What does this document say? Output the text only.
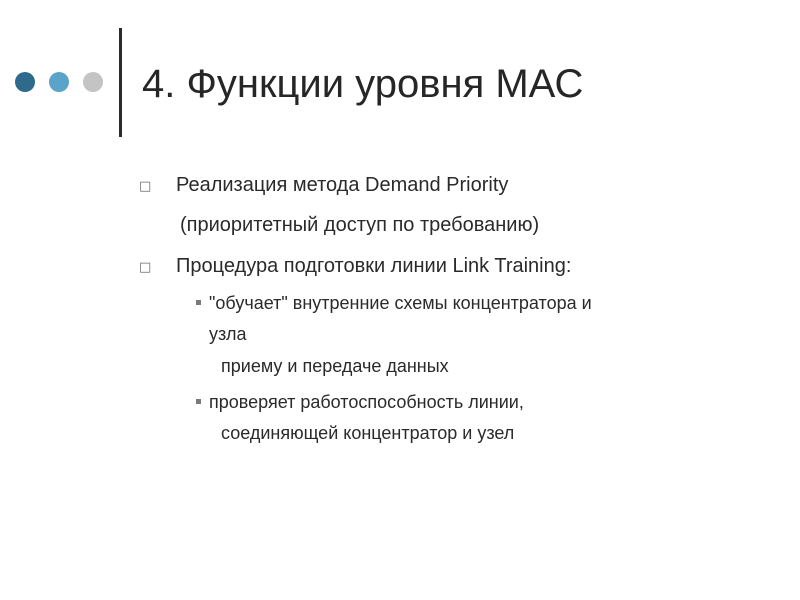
4. Функции уровня МАС
□ Реализация метода Demand Priority
(приоритетный доступ по требованию)
□ Процедура подготовки линии Link Training:
"обучает" внутренние схемы концентратора и
узла
приему и передаче данных
проверяет работоспособность линии,
соединяющей концентратор и узел
